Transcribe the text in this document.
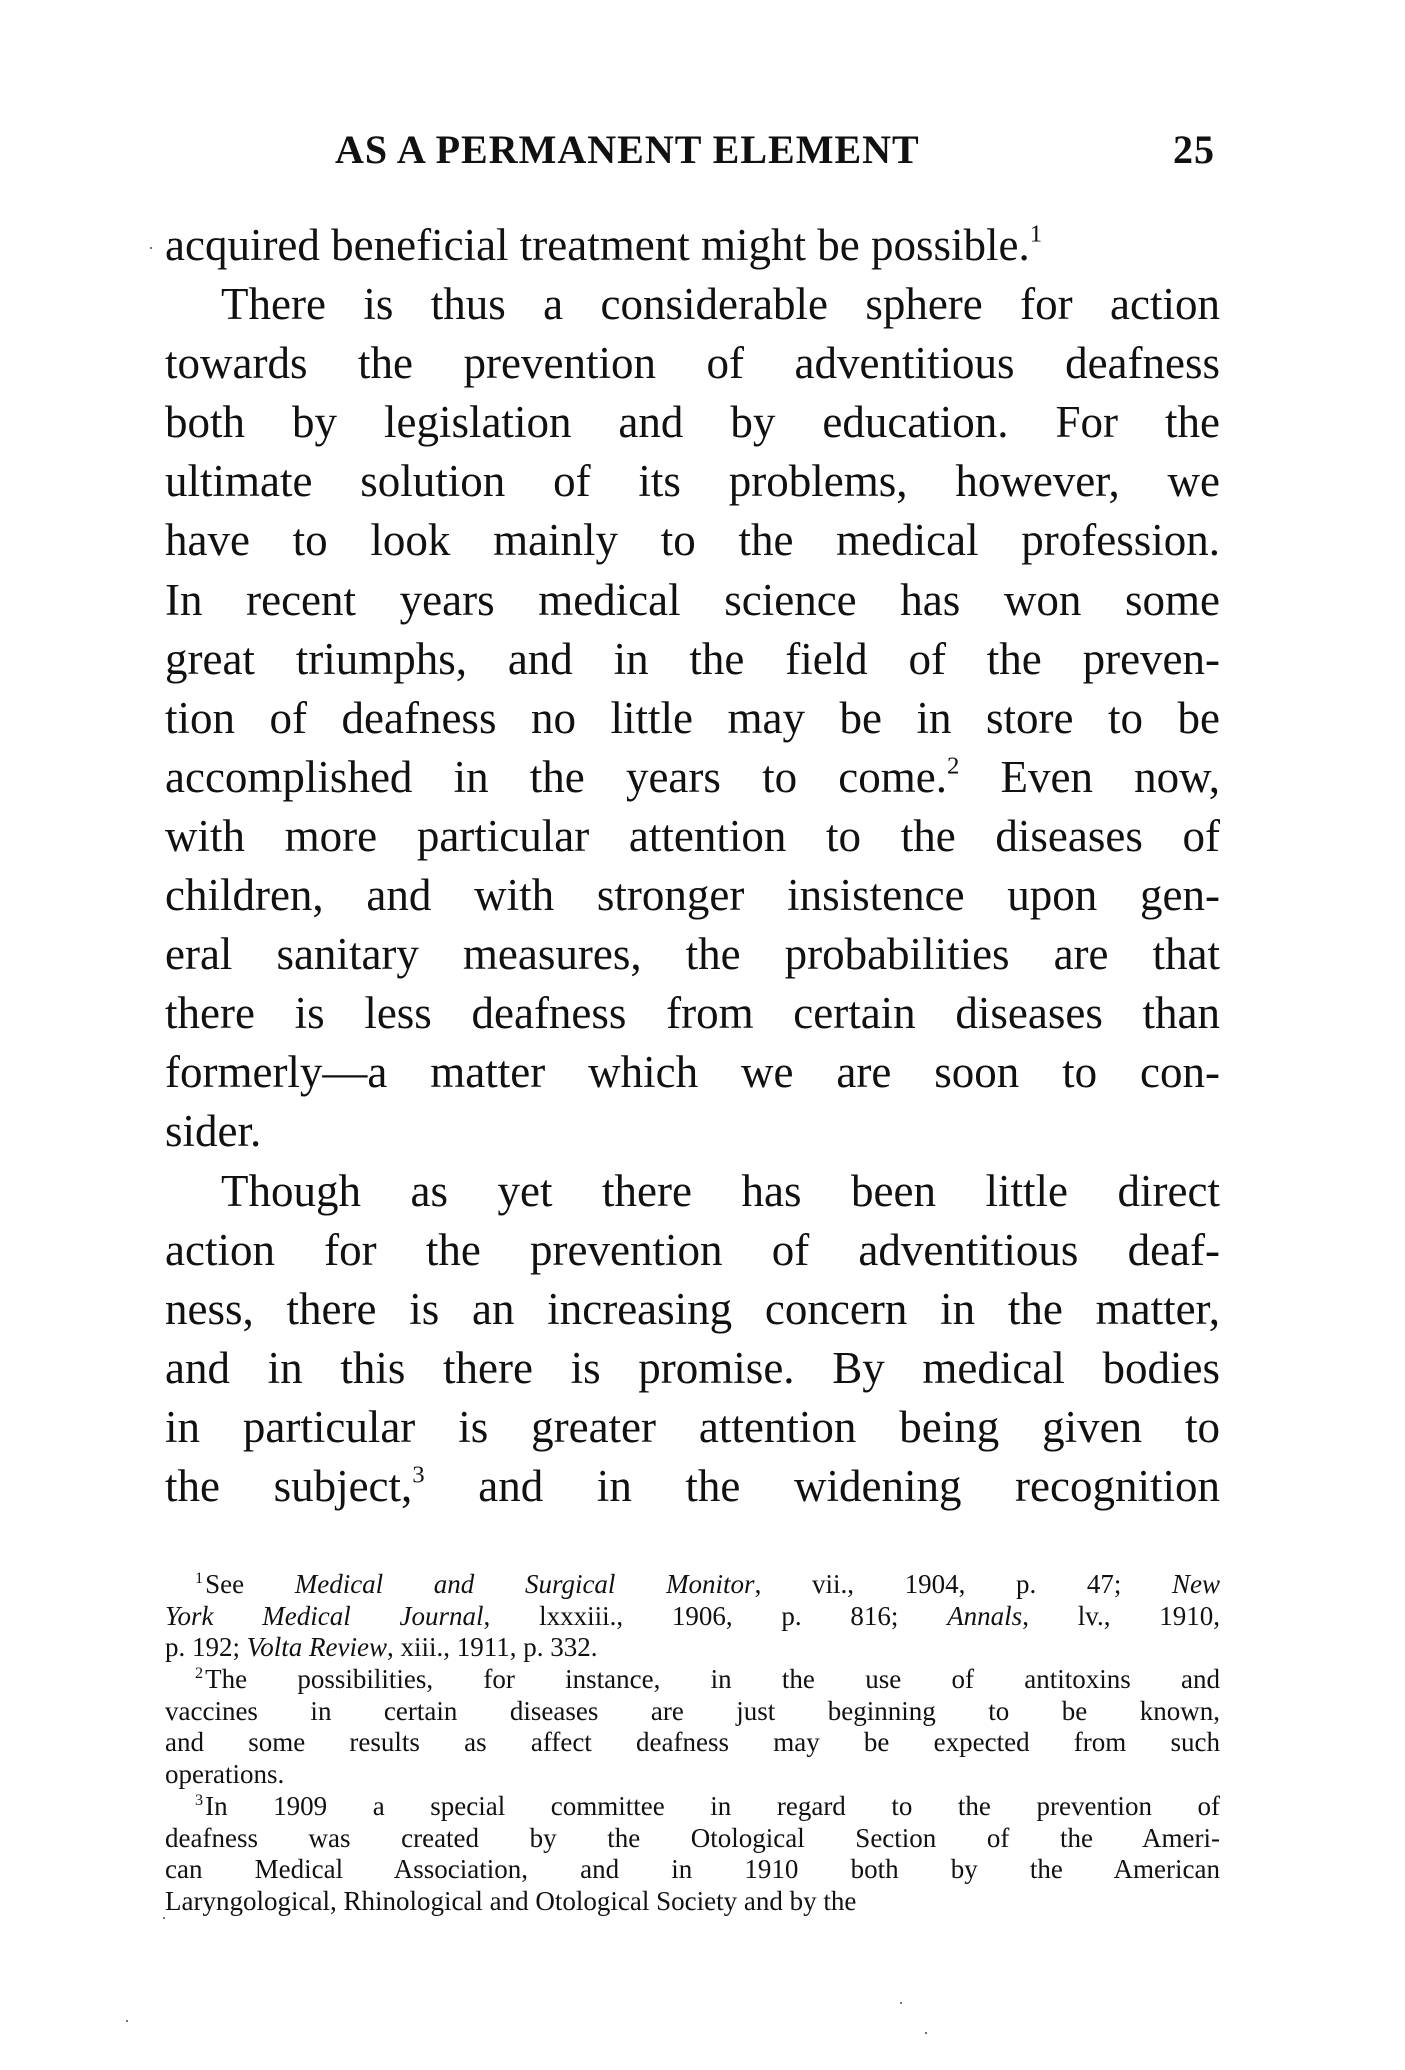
AS A PERMANENT ELEMENT	25
acquired beneficial treatment might be possible.$^1$
There is thus a considerable sphere for action
towards the prevention of adventitious deafness
both by legislation and by education. For the
ultimate solution of its problems, however, we
have to look mainly to the medical profession.
In recent years medical science has won some
great triumphs, and in the field of the preven-
tion of deafness no little may be in store to be
accomplished in the years to come.$^2$ Even now,
with more particular attention to the diseases of
children, and with stronger insistence upon gen-
eral sanitary measures, the probabilities are that
there is less deafness from certain diseases than
formerly—a matter which we are soon to con-
sider.
Though as yet there has been little direct
action for the prevention of adventitious deaf-
ness, there is an increasing concern in the matter,
and in this there is promise. By medical bodies
in particular is greater attention being given to
the subject,$^3$ and in the widening recognition
$^1$See Medical and Surgical Monitor, vii., 1904, p. 47; New
York Medical Journal, lxxxiii., 1906, p. 816; Annals, lv., 1910,
p. 192; Volta Review, xiii., 1911, p. 332.
$^2$The possibilities, for instance, in the use of antitoxins and
vaccines in certain diseases are just beginning to be known,
and some results as affect deafness may be expected from such
operations.
$^3$In 1909 a special committee in regard to the prevention of
deafness was created by the Otological Section of the Ameri-
can Medical Association, and in 1910 both by the American
Laryngological, Rhinological and Otological Society and by the
